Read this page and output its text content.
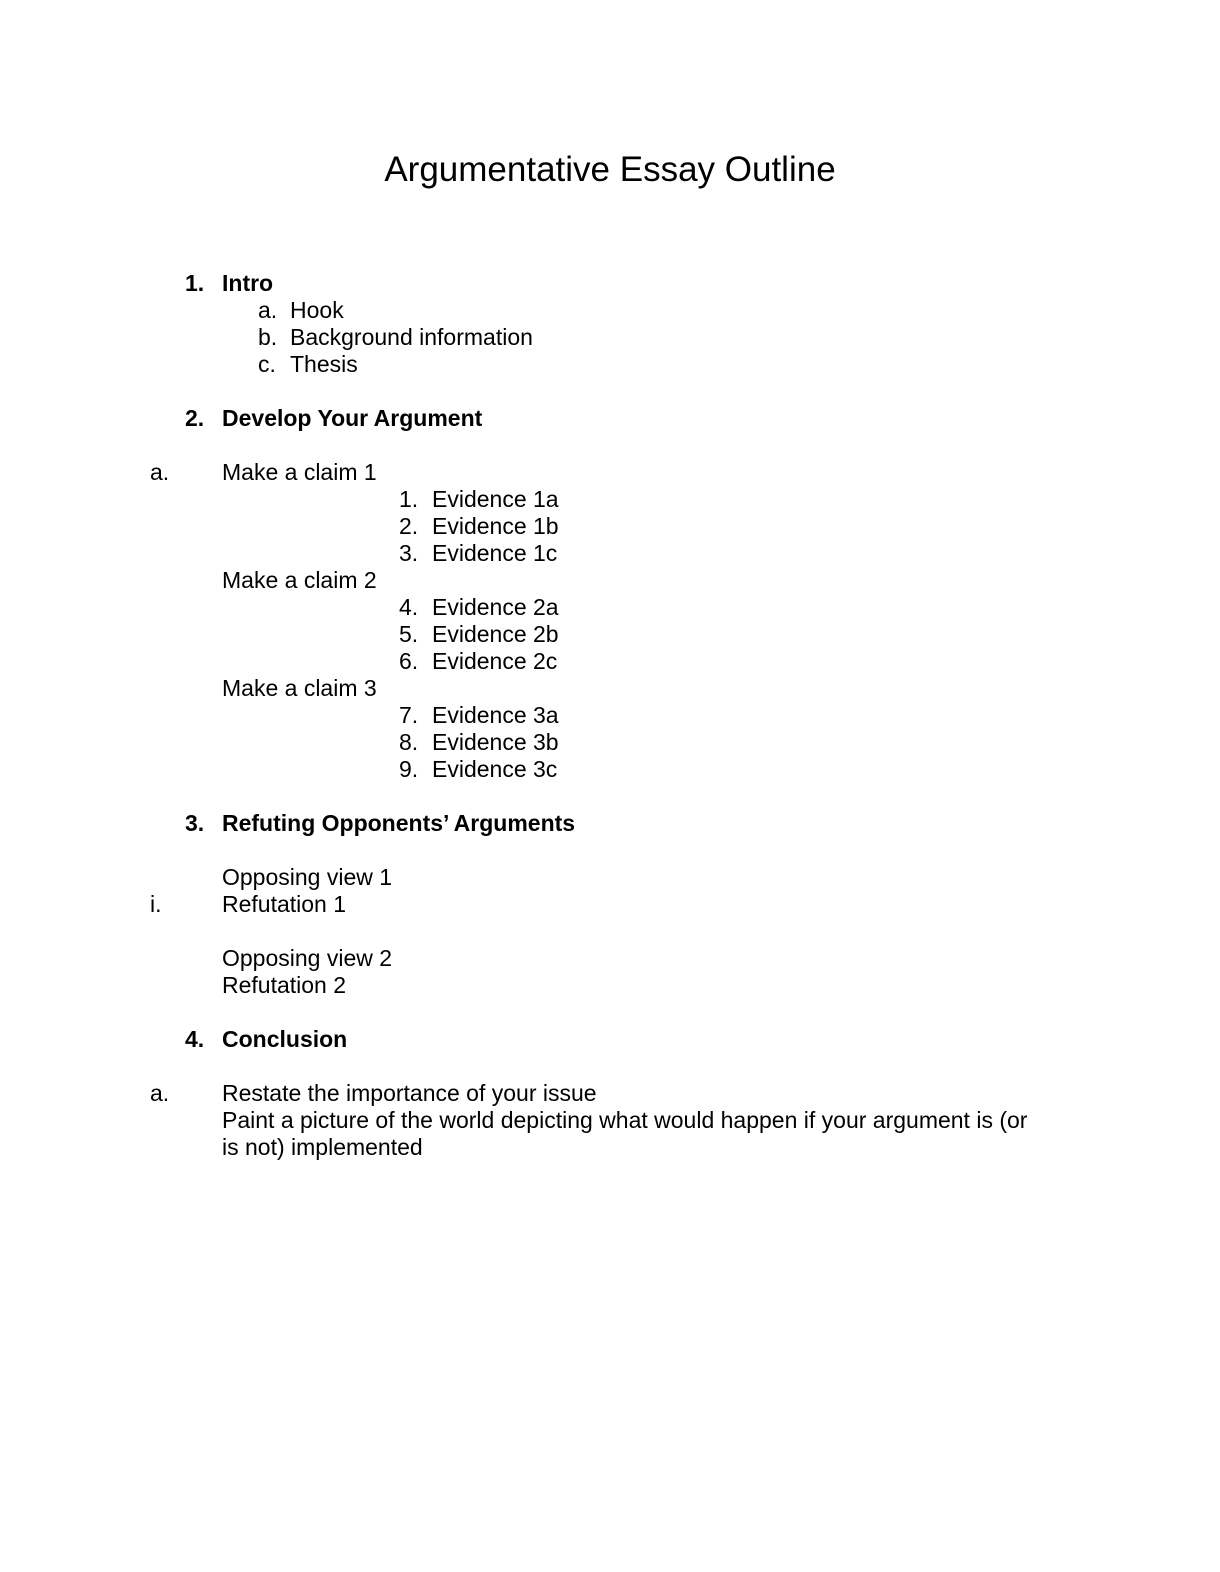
Argumentative Essay Outline
1. Intro
a. Hook
b. Background information
c. Thesis
2. Develop Your Argument
a.	Make a claim 1
1. Evidence 1a
2. Evidence 1b
3. Evidence 1c
Make a claim 2
4. Evidence 2a
5. Evidence 2b
6. Evidence 2c
Make a claim 3
7. Evidence 3a
8. Evidence 3b
9. Evidence 3c
3. Refuting Opponents’ Arguments
Opposing view 1
i.	Refutation 1
Opposing view 2
Refutation 2
4. Conclusion
a.	Restate the importance of your issue
Paint a picture of the world depicting what would happen if your argument is (or is not) implemented
